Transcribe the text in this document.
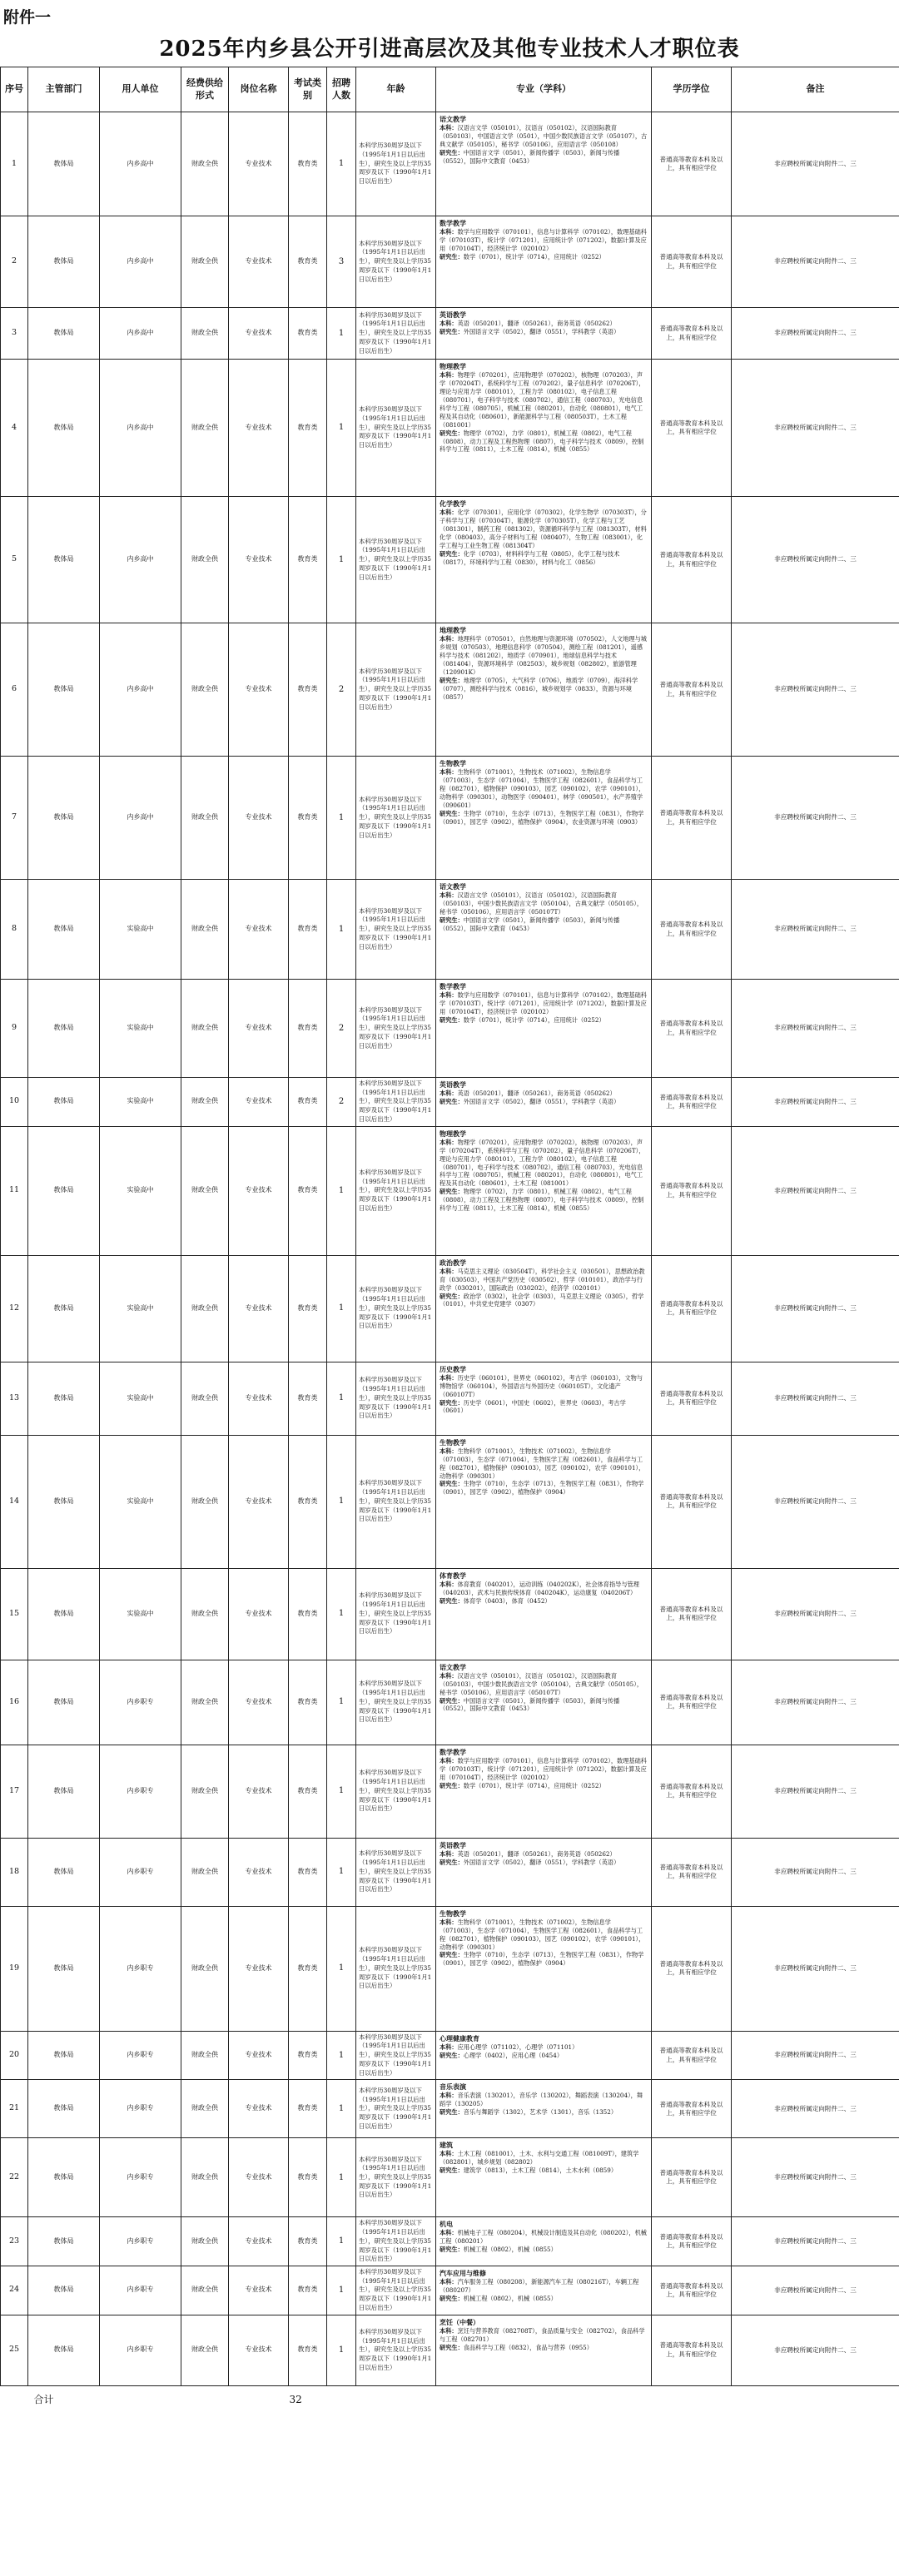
附件一
2025年内乡县公开引进高层次及其他专业技术人才职位表
序号	主管部门	用人单位	经费供给形式	岗位名称	考试类别	招聘人数	年龄	专业（学科）	学历学位	备注
1	教体局	内乡高中	财政全供	专业技术	教育类	1	本科学历30周岁及以下（1995年1月1日以后出生），研究生及以上学历35周岁及以下（1990年1月1日以后出生）	语文教学
本科：汉语言文学（050101），汉语言（050102），汉语国际教育（050103），中国语言文学（0501），中国少数民族语言文学（050107），古典文献学（050105），秘书学（050106），应用语言学（050108）
研究生：中国语言文学（0501），新闻传播学（0503），新闻与传播（0552），国际中文教育（0453）	普通高等教育本科及以上，具有相应学位	非应聘校所属定向附件二、三
2	教体局	内乡高中	财政全供	专业技术	教育类	3	本科学历30周岁及以下（1995年1月1日以后出生），研究生及以上学历35周岁及以下（1990年1月1日以后出生）	数学教学
本科：数学与应用数学（070101），信息与计算科学（070102），数理基础科学（070103T），统计学（071201），应用统计学（071202），数据计算及应用（070104T），经济统计学（020102）
研究生：数学（0701），统计学（0714），应用统计（0252）	普通高等教育本科及以上，具有相应学位	非应聘校所属定向附件二、三
3	教体局	内乡高中	财政全供	专业技术	教育类	1	本科学历30周岁及以下（1995年1月1日以后出生），研究生及以上学历35周岁及以下（1990年1月1日以后出生）	英语教学
本科：英语（050201），翻译（050261），商务英语（050262）
研究生：外国语言文学（0502），翻译（0551），学科教学（英语）	普通高等教育本科及以上，具有相应学位	非应聘校所属定向附件二、三
4	教体局	内乡高中	财政全供	专业技术	教育类	1	本科学历30周岁及以下（1995年1月1日以后出生），研究生及以上学历35周岁及以下（1990年1月1日以后出生）	物理教学
本科：物理学（070201），应用物理学（070202），核物理（070203），声学（070204T），系统科学与工程（070202），量子信息科学（070206T），理论与应用力学（080101），工程力学（080102），电子信息工程（080701），电子科学与技术（080702），通信工程（080703），光电信息科学与工程（080705），机械工程（080201），自动化（080801），电气工程及其自动化（080601），新能源科学与工程（080503T），土木工程（081001）
研究生：物理学（0702），力学（0801），机械工程（0802），电气工程（0808），动力工程及工程热物理（0807），电子科学与技术（0809），控制科学与工程（0811），土木工程（0814），机械（0855）	普通高等教育本科及以上，具有相应学位	非应聘校所属定向附件二、三
5	教体局	内乡高中	财政全供	专业技术	教育类	1	本科学历30周岁及以下（1995年1月1日以后出生），研究生及以上学历35周岁及以下（1990年1月1日以后出生）	化学教学
本科：化学（070301），应用化学（070302），化学生物学（070303T），分子科学与工程（070304T），能源化学（070305T），化学工程与工艺（081301），制药工程（081302），资源循环科学与工程（081303T），材料化学（080403），高分子材料与工程（080407），生物工程（083001），化学工程与工业生物工程（081304T）
研究生：化学（0703），材料科学与工程（0805），化学工程与技术（0817），环境科学与工程（0830），材料与化工（0856）	普通高等教育本科及以上，具有相应学位	非应聘校所属定向附件二、三
6	教体局	内乡高中	财政全供	专业技术	教育类	2	本科学历30周岁及以下（1995年1月1日以后出生），研究生及以上学历35周岁及以下（1990年1月1日以后出生）	地理教学
本科：地理科学（070501），自然地理与资源环境（070502），人文地理与城乡规划（070503），地理信息科学（070504），测绘工程（081201），遥感科学与技术（081202），地质学（070901），地球信息科学与技术（081404），资源环境科学（082503），城乡规划（082802），旅游管理（120901K）
研究生：地理学（0705），大气科学（0706），地质学（0709），海洋科学（0707），测绘科学与技术（0816），城乡规划学（0833），资源与环境（0857）	普通高等教育本科及以上，具有相应学位	非应聘校所属定向附件二、三
7	教体局	内乡高中	财政全供	专业技术	教育类	1	本科学历30周岁及以下（1995年1月1日以后出生），研究生及以上学历35周岁及以下（1990年1月1日以后出生）	生物教学
本科：生物科学（071001），生物技术（071002），生物信息学（071003），生态学（071004），生物医学工程（082601），食品科学与工程（082701），植物保护（090103），园艺（090102），农学（090101），动物科学（090301），动物医学（090401），林学（090501），水产养殖学（090601）
研究生：生物学（0710），生态学（0713），生物医学工程（0831），作物学（0901），园艺学（0902），植物保护（0904），农业资源与环境（0903）	普通高等教育本科及以上，具有相应学位	非应聘校所属定向附件二、三
8	教体局	实验高中	财政全供	专业技术	教育类	1	本科学历30周岁及以下（1995年1月1日以后出生），研究生及以上学历35周岁及以下（1990年1月1日以后出生）	语文教学
本科：汉语言文学（050101），汉语言（050102），汉语国际教育（050103），中国少数民族语言文学（050104），古典文献学（050105），秘书学（050106），应用语言学（050107T）
研究生：中国语言文学（0501），新闻传播学（0503），新闻与传播（0552），国际中文教育（0453）	普通高等教育本科及以上，具有相应学位	非应聘校所属定向附件二、三
9	教体局	实验高中	财政全供	专业技术	教育类	2	本科学历30周岁及以下（1995年1月1日以后出生），研究生及以上学历35周岁及以下（1990年1月1日以后出生）	数学教学
本科：数学与应用数学（070101），信息与计算科学（070102），数理基础科学（070103T），统计学（071201），应用统计学（071202），数据计算及应用（070104T），经济统计学（020102）
研究生：数学（0701），统计学（0714），应用统计（0252）	普通高等教育本科及以上，具有相应学位	非应聘校所属定向附件二、三
10	教体局	实验高中	财政全供	专业技术	教育类	2	本科学历30周岁及以下（1995年1月1日以后出生），研究生及以上学历35周岁及以下（1990年1月1日以后出生）	英语教学
本科：英语（050201），翻译（050261），商务英语（050262）
研究生：外国语言文学（0502），翻译（0551），学科教学（英语）	普通高等教育本科及以上，具有相应学位	非应聘校所属定向附件二、三
11	教体局	实验高中	财政全供	专业技术	教育类	1	本科学历30周岁及以下（1995年1月1日以后出生），研究生及以上学历35周岁及以下（1990年1月1日以后出生）	物理教学
本科：物理学（070201），应用物理学（070202），核物理（070203），声学（070204T），系统科学与工程（070202），量子信息科学（070206T），理论与应用力学（080101），工程力学（080102），电子信息工程（080701），电子科学与技术（080702），通信工程（080703），光电信息科学与工程（080705），机械工程（080201），自动化（080801），电气工程及其自动化（080601），土木工程（081001）
研究生：物理学（0702），力学（0801），机械工程（0802），电气工程（0808），动力工程及工程热物理（0807），电子科学与技术（0809），控制科学与工程（0811），土木工程（0814），机械（0855）	普通高等教育本科及以上，具有相应学位	非应聘校所属定向附件二、三
12	教体局	实验高中	财政全供	专业技术	教育类	1	本科学历30周岁及以下（1995年1月1日以后出生），研究生及以上学历35周岁及以下（1990年1月1日以后出生）	政治教学
本科：马克思主义理论（030504T），科学社会主义（030501），思想政治教育（030503），中国共产党历史（030502），哲学（010101），政治学与行政学（030201），国际政治（030202），经济学（020101）
研究生：政治学（0302），社会学（0303），马克思主义理论（0305），哲学（0101），中共党史党建学（0307）	普通高等教育本科及以上，具有相应学位	非应聘校所属定向附件二、三
13	教体局	实验高中	财政全供	专业技术	教育类	1	本科学历30周岁及以下（1995年1月1日以后出生），研究生及以上学历35周岁及以下（1990年1月1日以后出生）	历史教学
本科：历史学（060101），世界史（060102），考古学（060103），文物与博物馆学（060104），外国语言与外国历史（060105T），文化遗产（060107T）
研究生：历史学（0601），中国史（0602），世界史（0603），考古学（0601）	普通高等教育本科及以上，具有相应学位	非应聘校所属定向附件二、三
14	教体局	实验高中	财政全供	专业技术	教育类	1	本科学历30周岁及以下（1995年1月1日以后出生），研究生及以上学历35周岁及以下（1990年1月1日以后出生）	生物教学
本科：生物科学（071001），生物技术（071002），生物信息学（071003），生态学（071004），生物医学工程（082601），食品科学与工程（082701），植物保护（090103），园艺（090102），农学（090101），动物科学（090301）
研究生：生物学（0710），生态学（0713），生物医学工程（0831），作物学（0901），园艺学（0902），植物保护（0904）	普通高等教育本科及以上，具有相应学位	非应聘校所属定向附件二、三
15	教体局	实验高中	财政全供	专业技术	教育类	1	本科学历30周岁及以下（1995年1月1日以后出生），研究生及以上学历35周岁及以下（1990年1月1日以后出生）	体育教学
本科：体育教育（040201），运动训练（040202K），社会体育指导与管理（040203），武术与民族传统体育（040204K），运动康复（040206T）
研究生：体育学（0403），体育（0452）	普通高等教育本科及以上，具有相应学位	非应聘校所属定向附件二、三
16	教体局	内乡职专	财政全供	专业技术	教育类	1	本科学历30周岁及以下（1995年1月1日以后出生），研究生及以上学历35周岁及以下（1990年1月1日以后出生）	语文教学
本科：汉语言文学（050101），汉语言（050102），汉语国际教育（050103），中国少数民族语言文学（050104），古典文献学（050105），秘书学（050106），应用语言学（050107T）
研究生：中国语言文学（0501），新闻传播学（0503），新闻与传播（0552），国际中文教育（0453）	普通高等教育本科及以上，具有相应学位	非应聘校所属定向附件二、三
17	教体局	内乡职专	财政全供	专业技术	教育类	1	本科学历30周岁及以下（1995年1月1日以后出生），研究生及以上学历35周岁及以下（1990年1月1日以后出生）	数学教学
本科：数学与应用数学（070101），信息与计算科学（070102），数理基础科学（070103T），统计学（071201），应用统计学（071202），数据计算及应用（070104T），经济统计学（020102）
研究生：数学（0701），统计学（0714），应用统计（0252）	普通高等教育本科及以上，具有相应学位	非应聘校所属定向附件二、三
18	教体局	内乡职专	财政全供	专业技术	教育类	1	本科学历30周岁及以下（1995年1月1日以后出生），研究生及以上学历35周岁及以下（1990年1月1日以后出生）	英语教学
本科：英语（050201），翻译（050261），商务英语（050262）
研究生：外国语言文学（0502），翻译（0551），学科教学（英语）	普通高等教育本科及以上，具有相应学位	非应聘校所属定向附件二、三
19	教体局	内乡职专	财政全供	专业技术	教育类	1	本科学历30周岁及以下（1995年1月1日以后出生），研究生及以上学历35周岁及以下（1990年1月1日以后出生）	生物教学
本科：生物科学（071001），生物技术（071002），生物信息学（071003），生态学（071004），生物医学工程（082601），食品科学与工程（082701），植物保护（090103），园艺（090102），农学（090101），动物科学（090301）
研究生：生物学（0710），生态学（0713），生物医学工程（0831），作物学（0901），园艺学（0902），植物保护（0904）	普通高等教育本科及以上，具有相应学位	非应聘校所属定向附件二、三
20	教体局	内乡职专	财政全供	专业技术	教育类	1	本科学历30周岁及以下（1995年1月1日以后出生），研究生及以上学历35周岁及以下（1990年1月1日以后出生）	心理健康教育
本科：应用心理学（071102），心理学（071101）
研究生：心理学（0402），应用心理（0454）	普通高等教育本科及以上，具有相应学位	非应聘校所属定向附件二、三
21	教体局	内乡职专	财政全供	专业技术	教育类	1	本科学历30周岁及以下（1995年1月1日以后出生），研究生及以上学历35周岁及以下（1990年1月1日以后出生）	音乐表演
本科：音乐表演（130201），音乐学（130202），舞蹈表演（130204），舞蹈学（130205）
研究生：音乐与舞蹈学（1302），艺术学（1301），音乐（1352）	普通高等教育本科及以上，具有相应学位	非应聘校所属定向附件二、三
22	教体局	内乡职专	财政全供	专业技术	教育类	1	本科学历30周岁及以下（1995年1月1日以后出生），研究生及以上学历35周岁及以下（1990年1月1日以后出生）	建筑
本科：土木工程（081001），土木、水利与交通工程（081009T），建筑学（082801），城乡规划（082802）
研究生：建筑学（0813），土木工程（0814），土木水利（0859）	普通高等教育本科及以上，具有相应学位	非应聘校所属定向附件二、三
23	教体局	内乡职专	财政全供	专业技术	教育类	1	本科学历30周岁及以下（1995年1月1日以后出生），研究生及以上学历35周岁及以下（1990年1月1日以后出生）	机电
本科：机械电子工程（080204），机械设计制造及其自动化（080202），机械工程（080201）
研究生：机械工程（0802），机械（0855）	普通高等教育本科及以上，具有相应学位	非应聘校所属定向附件二、三
24	教体局	内乡职专	财政全供	专业技术	教育类	1	本科学历30周岁及以下（1995年1月1日以后出生），研究生及以上学历35周岁及以下（1990年1月1日以后出生）	汽车应用与维修
本科：汽车服务工程（080208），新能源汽车工程（080216T），车辆工程（080207）
研究生：机械工程（0802），机械（0855）	普通高等教育本科及以上，具有相应学位	非应聘校所属定向附件二、三
25	教体局	内乡职专	财政全供	专业技术	教育类	1	本科学历30周岁及以下（1995年1月1日以后出生），研究生及以上学历35周岁及以下（1990年1月1日以后出生）	烹饪（中餐）
本科：烹饪与营养教育（082708T），食品质量与安全（082702），食品科学与工程（082701）
研究生：食品科学与工程（0832），食品与营养（0955）	普通高等教育本科及以上，具有相应学位	非应聘校所属定向附件二、三
合计			32							
